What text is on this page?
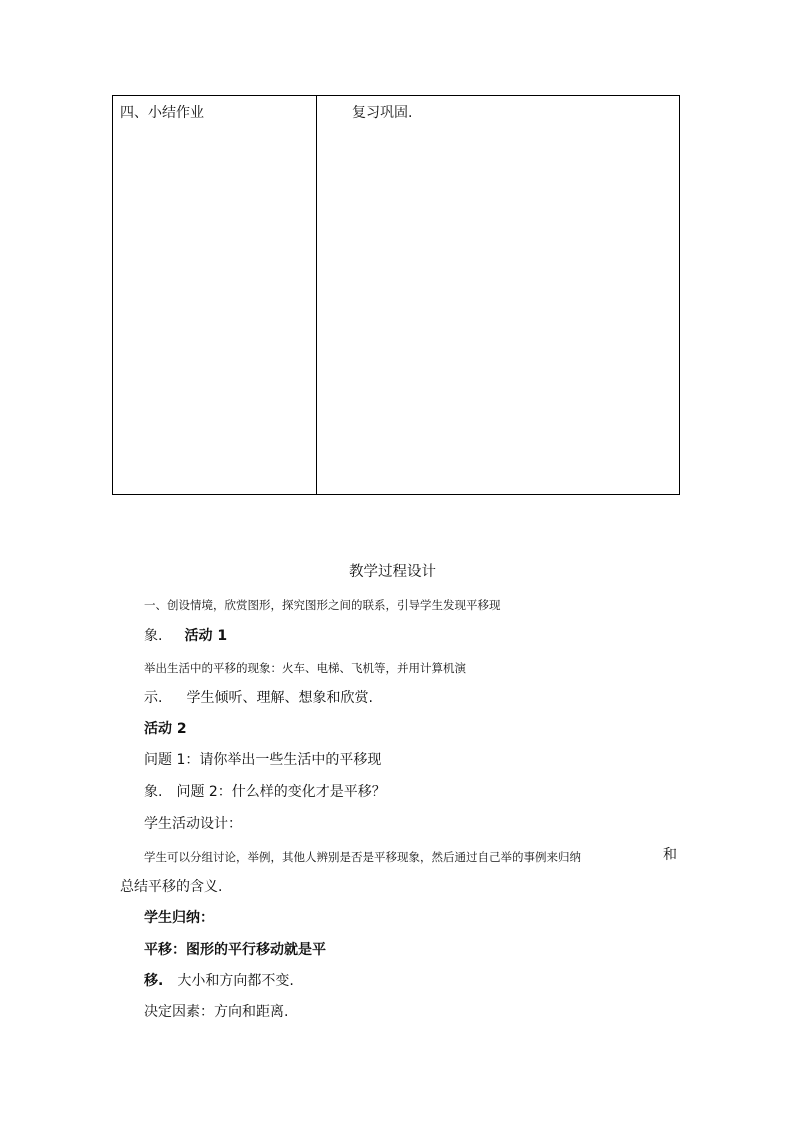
四、小结作业	复习巩固.
教学过程设计
一、创设情境，欣赏图形，探究图形之间的联系，引导学生发现平移现
象. 活动 1
举出生活中的平移的现象：火车、电梯、飞机等，并用计算机演
示. 学生倾听、理解、想象和欣赏.
活动 2
问题 1：请你举出一些生活中的平移现
象. 问题 2：什么样的变化才是平移？
学生活动设计：
学生可以分组讨论，举例，其他人辨别是否是平移现象，然后通过自己举的事例来归纳	和
总结平移的含义.
学生归纳：
平移：图形的平行移动就是平
移. 大小和方向都不变.
决定因素：方向和距离.
